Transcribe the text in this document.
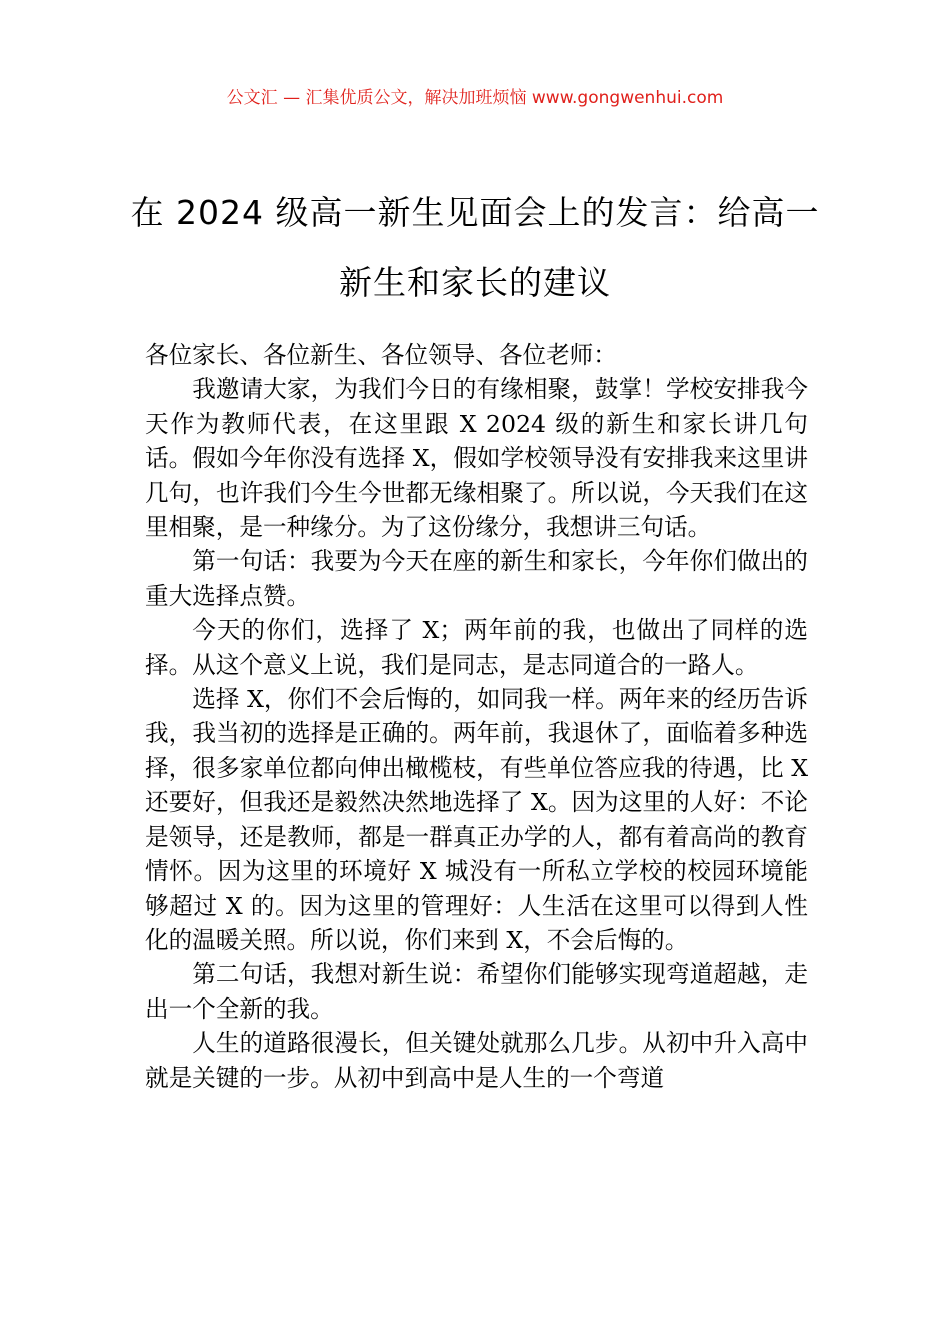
公文汇 — 汇集优质公文，解决加班烦恼 www.gongwenhui.com
在 2024 级高一新生见面会上的发言：给高一新生和家长的建议

各位家长、各位新生、各位领导、各位老师：

我邀请大家，为我们今日的有缘相聚，鼓掌！学校安排我今天作为教师代表，在这里跟 X 2024 级的新生和家长讲几句话。假如今年你没有选择 X，假如学校领导没有安排我来这里讲几句，也许我们今生今世都无缘相聚了。所以说，今天我们在这里相聚，是一种缘分。为了这份缘分，我想讲三句话。

第一句话：我要为今天在座的新生和家长，今年你们做出的重大选择点赞。

今天的你们，选择了 X；两年前的我，也做出了同样的选择。从这个意义上说，我们是同志，是志同道合的一路人。

选择 X，你们不会后悔的，如同我一样。两年来的经历告诉我，我当初的选择是正确的。两年前，我退休了，面临着多种选择，很多家单位都向伸出橄榄枝，有些单位答应我的待遇，比 X 还要好，但我还是毅然决然地选择了 X。因为这里的人好：不论是领导，还是教师，都是一群真正办学的人，都有着高尚的教育情怀。因为这里的环境好 X 城没有一所私立学校的校园环境能够超过 X 的。因为这里的管理好：人生活在这里可以得到人性化的温暖关照。所以说，你们来到 X，不会后悔的。

第二句话，我想对新生说：希望你们能够实现弯道超越，走出一个全新的我。

人生的道路很漫长，但关键处就那么几步。从初中升入高中就是关键的一步。从初中到高中是人生的一个弯道
